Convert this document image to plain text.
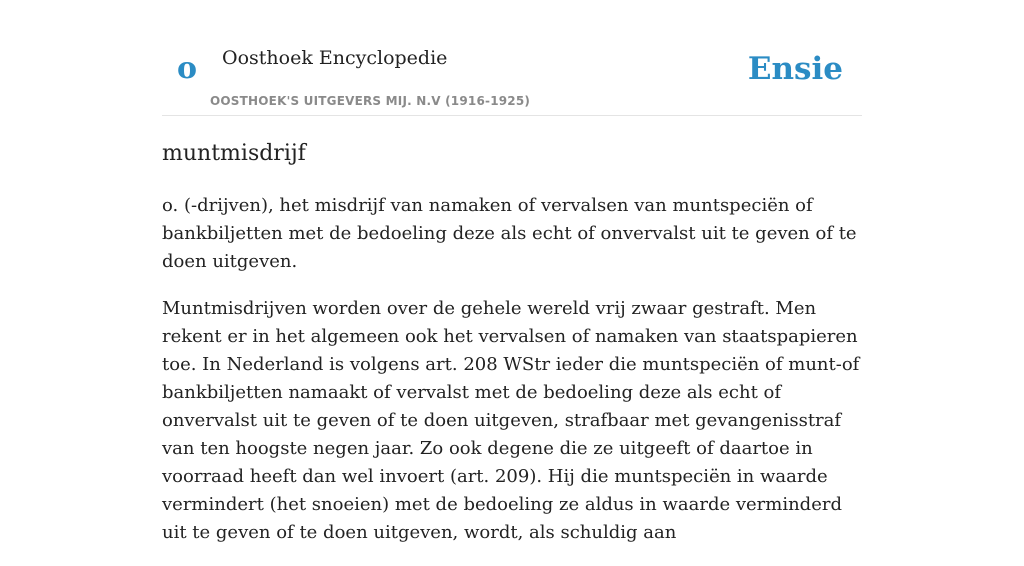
o Oosthoek Encyclopedie
OOSTHOEK'S UITGEVERS MIJ. N.V (1916-1925)
Ensie
muntmisdrijf

o. (-drijven), het misdrijf van namaken of vervalsen van muntspeciën of bankbiljetten met de bedoeling deze als echt of onvervalst uit te geven of te doen uitgeven.

Muntmisdrijven worden over de gehele wereld vrij zwaar gestraft. Men rekent er in het algemeen ook het vervalsen of namaken van staatspapieren toe. In Nederland is volgens art. 208 WStr ieder die muntspeciën of munt-of bankbiljetten namaakt of vervalst met de bedoeling deze als echt of onvervalst uit te geven of te doen uitgeven, strafbaar met gevangenisstraf van ten hoogste negen jaar. Zo ook degene die ze uitgeeft of daartoe in voorraad heeft dan wel invoert (art. 209). Hij die muntspeciën in waarde vermindert (het snoeien) met de bedoeling ze aldus in waarde verminderd uit te geven of te doen uitgeven, wordt, als schuldig aan
